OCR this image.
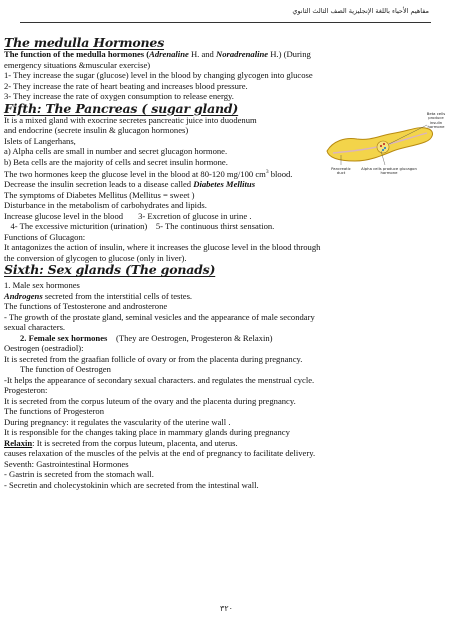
مفاهيم الأحياء باللغة الإنجليزية الصف الثالث الثانوي

The medulla Hormones

The function of the medulla hormones (Adrenaline H. and Noradrenaline H.) (During

emergency situations &muscular exercise)

1- They increase the sugar (glucose) level in the blood by changing glycogen into glucose

2- They increase the rate of heart beating and increases blood pressure.

3- They increase the rate of oxygen consumption to release energy.

Fifth: The Pancreas ( sugar gland)

It is a mixed gland with exocrine secretes pancreatic juice into duodenum

and endocrine (secrete insulin & glucagon hormones)

Islets of Langerhans,

a) Alpha cells are small in number and secret glucagon hormone.

b) Beta cells are the majority of cells and secret insulin hormone.

The two hormones keep the glucose level in the blood at 80-120 mg/100 $cm^3$ blood.

Decrease the insulin secretion leads to a disease called Diabetes Mellitus

The symptoms of Diabetes Mellitus (Mellitus = sweet )

Disturbance in the metabolism of carbohydrates and lipids.

Increase glucose level in the blood       3- Excretion of glucose in urine .

4- The excessive micturition (urination)    5- The continuous thirst sensation.

Functions of Glucagon:

It antagonizes the action of insulin, where it increases the glucose level in the blood through

the conversion of glycogen to glucose (only in liver).

Sixth: Sex glands (The gonads)

1. Male sex hormones

Androgens secreted from the interstitial cells of testes.

The functions of Testosterone and androsterone

- The growth of the prostate gland, seminal vesicles and the appearance of male secondary

sexual characters.

2. Female sex hormones    (They are Oestrogen, Progesteron & Relaxin)

Oestrogen (oestradiol):

It is secreted from the graafian follicle of ovary or from the placenta during pregnancy.

The function of Oestrogen

-It helps the appearance of secondary sexual characters. and regulates the menstrual cycle.

Progesteron:

It is secreted from the corpus luteum of the ovary and the placenta during pregnancy.

The functions of Progesteron

During pregnancy: it regulates the vascularity of the uterine wall .

It is responsible for the changes taking place in mammary glands during pregnancy

Relaxin: It is secreted from the corpus luteum, placenta, and uterus.

causes relaxation of the muscles of the pelvis at the end of pregnancy to facilitate delivery.

Seventh: Gastrointestinal Hormones

- Gastrin is secreted from the stomach wall.

- Secretin and cholecystokinin which are secreted from the intestinal wall.

Beta cells produce insulin hormone
Pancreatic duct
Alpha cells produce glucagon hormone
٣٢٠
